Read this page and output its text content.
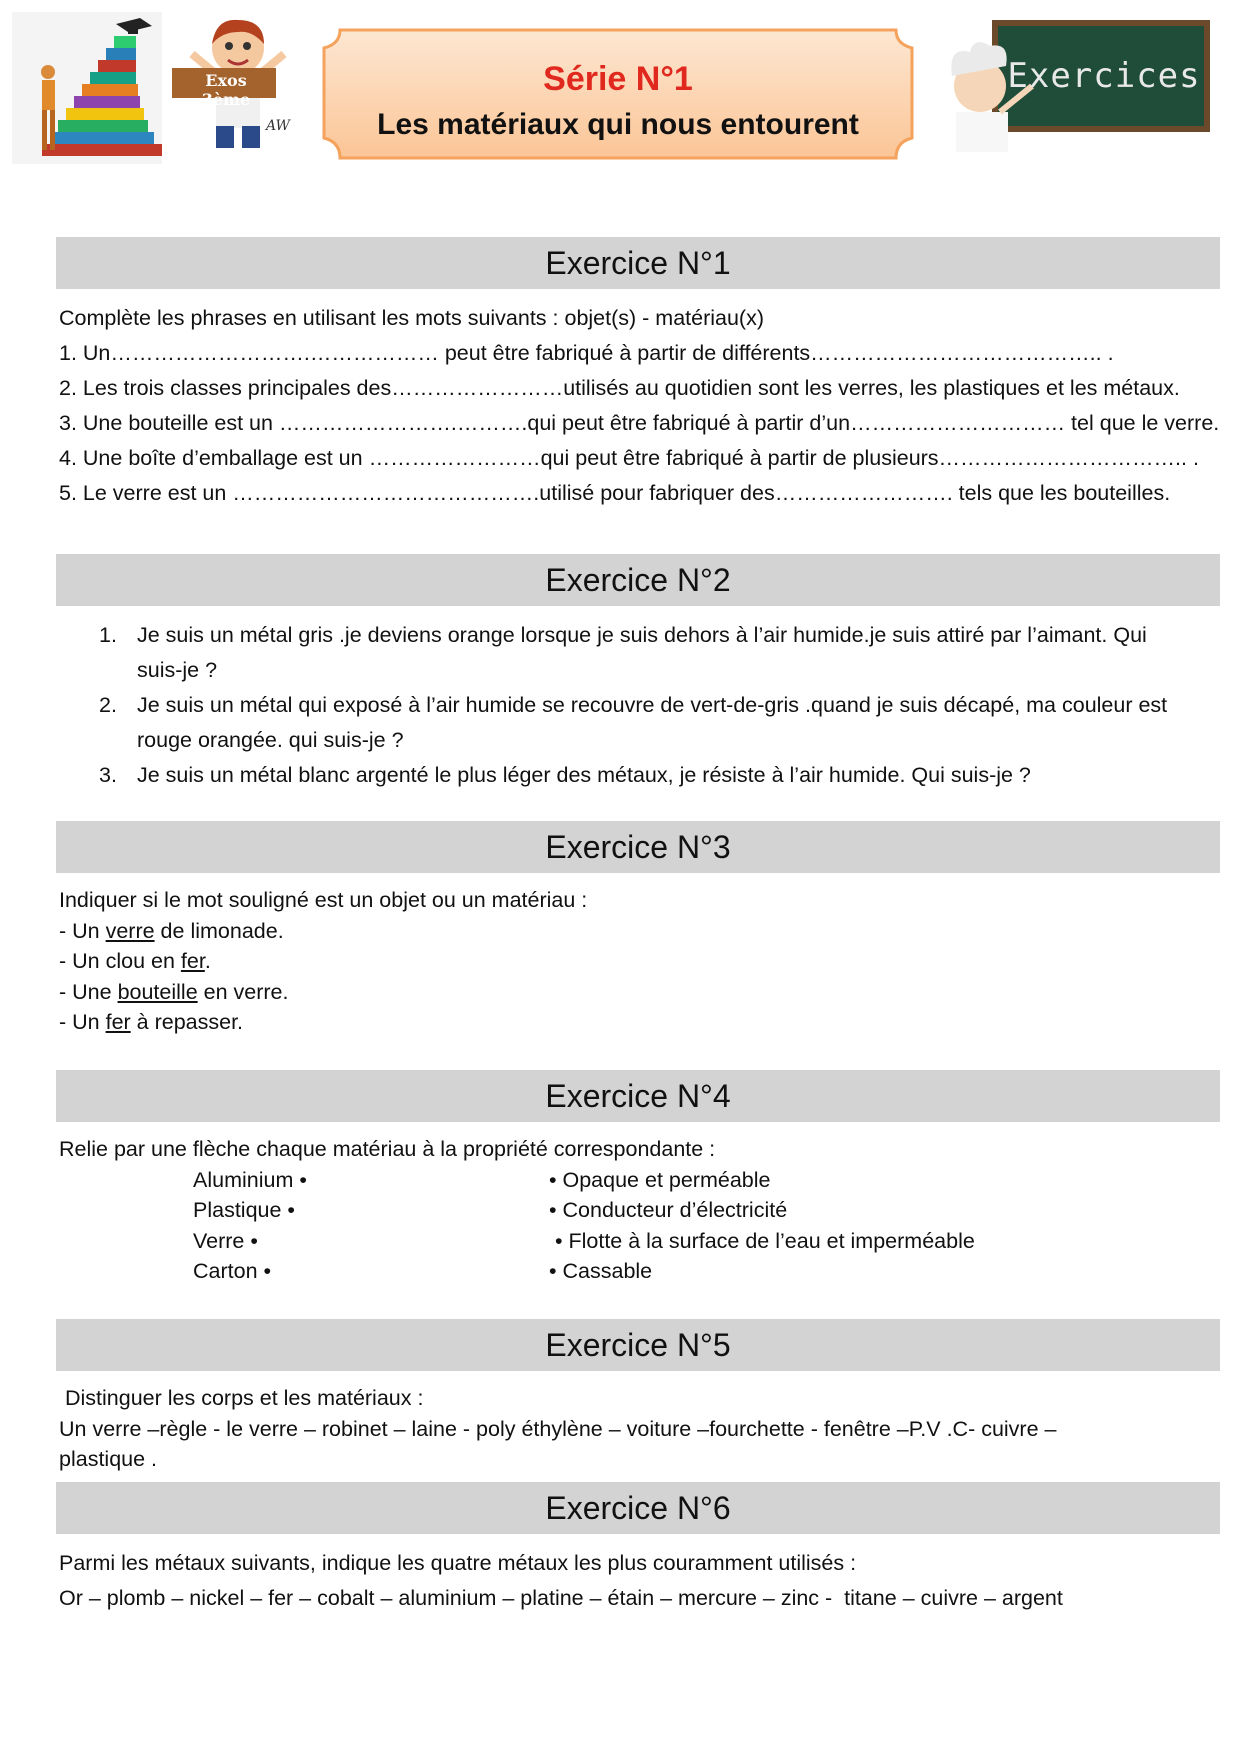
Exos 3ème
AW
Série N°1
Les matériaux qui nous entourent
Exercices
Exercice N°1

Complète les phrases en utilisant les mots suivants : objet(s) - matériau(x)

1. Un……………………….……………… peut être fabriqué à partir de différents………………………………….. .

2. Les trois classes principales des……………………utilisés au quotidien sont les verres, les plastiques et les métaux.

3. Une bouteille est un …………………….……….qui peut être fabriqué à partir d’un………………………… tel que le verre.

4. Une boîte d’emballage est un ……………………qui peut être fabriqué à partir de plusieurs…………………………….. .

5. Le verre est un …………………………………….utilisé pour fabriquer des……………………. tels que les bouteilles.

Exercice N°2
1. Je suis un métal gris .je deviens orange lorsque je suis dehors à l’air humide.je suis attiré par l’aimant. Qui

suis-je ?

2. Je suis un métal qui exposé à l’air humide se recouvre de vert-de-gris .quand je suis décapé, ma couleur est

rouge orangée. qui suis-je ?

3. Je suis un métal blanc argenté le plus léger des métaux, je résiste à l’air humide. Qui suis-je ?

Exercice N°3

Indiquer si le mot souligné est un objet ou un matériau :

- Un verre de limonade.

- Un clou en fer.

- Une bouteille en verre.

- Un fer à repasser.

Exercice N°4

Relie par une flèche chaque matériau à la propriété correspondante :

Aluminium •

Plastique •

Verre •

Carton •

• Opaque et perméable

• Conducteur d’électricité

• Flotte à la surface de l’eau et imperméable

• Cassable

Exercice N°5

Distinguer les corps et les matériaux :

Un verre –règle - le verre – robinet – laine - poly éthylène – voiture –fourchette - fenêtre –P.V .C- cuivre –

plastique .

Exercice N°6

Parmi les métaux suivants, indique les quatre métaux les plus couramment utilisés :

Or – plomb – nickel – fer – cobalt – aluminium – platine – étain – mercure – zinc -  titane – cuivre – argent
